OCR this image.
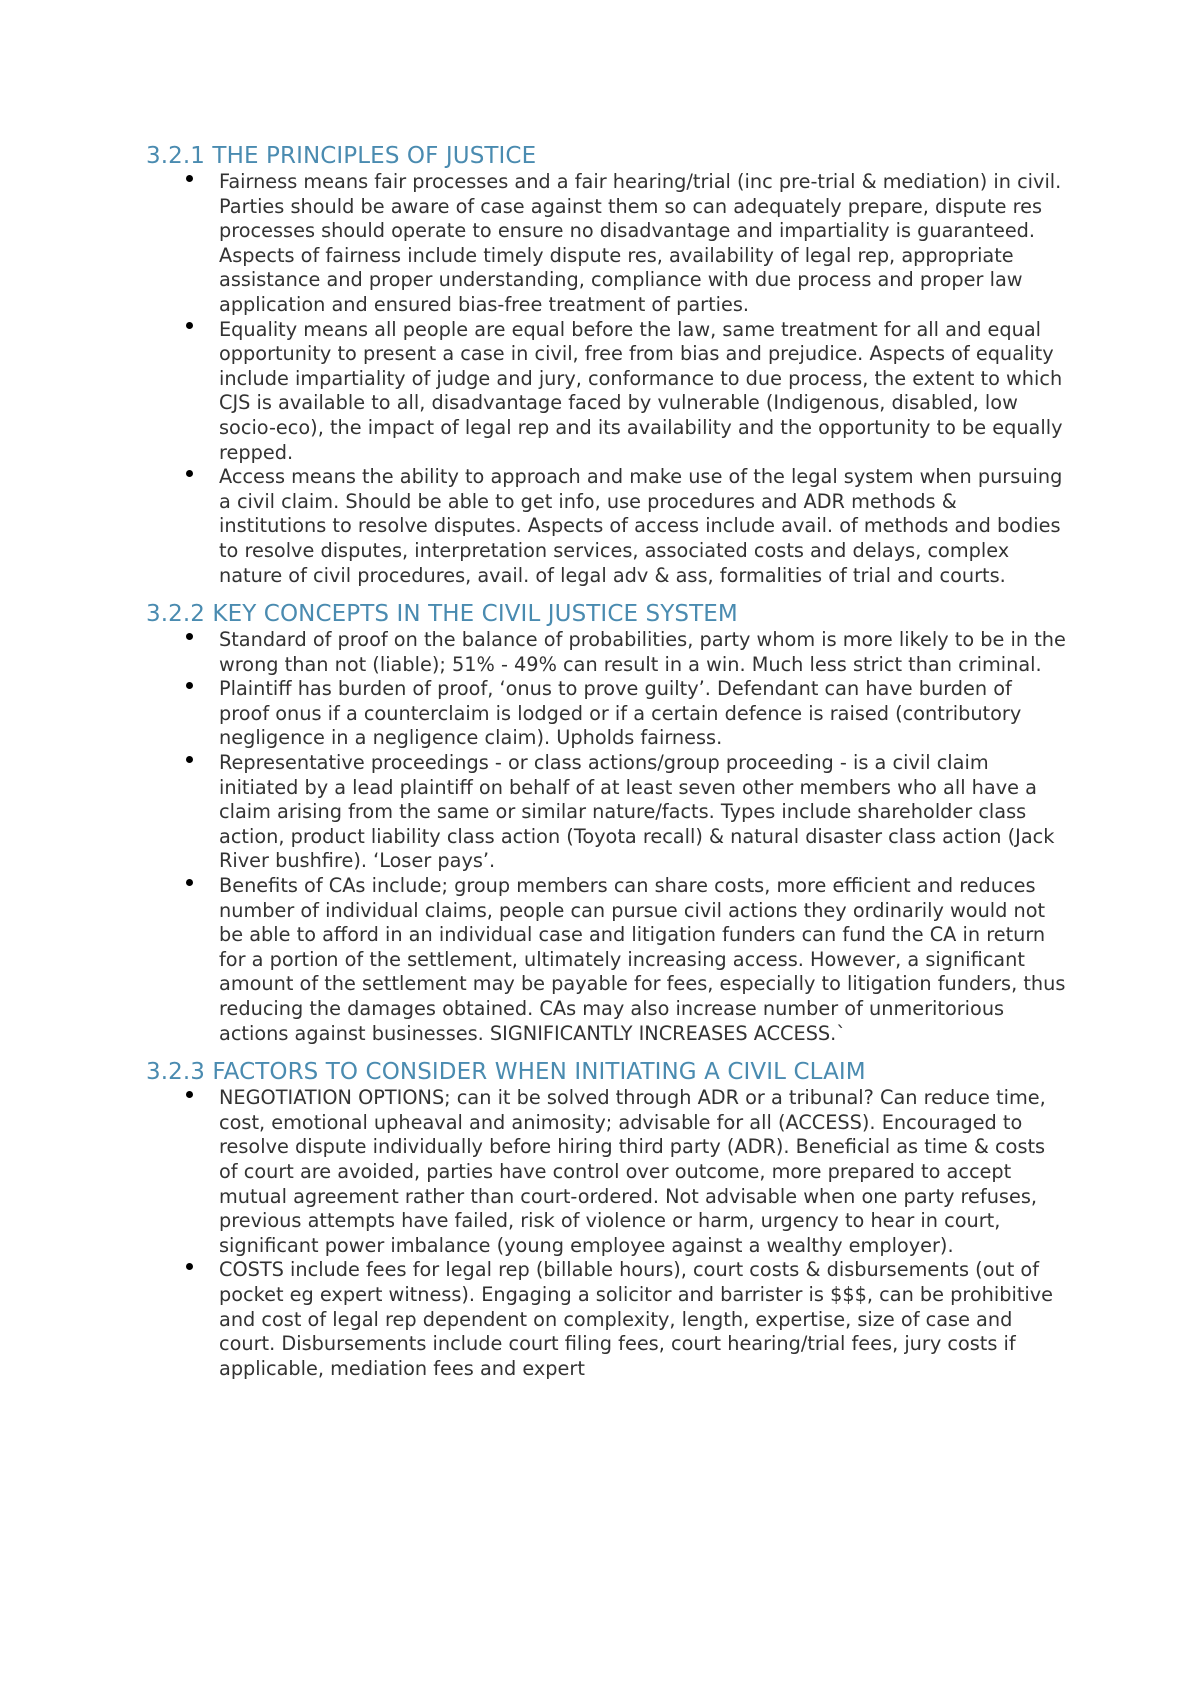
3.2.1 THE PRINCIPLES OF JUSTICE
Fairness means fair processes and a fair hearing/trial (inc pre-trial & mediation) in civil. Parties should be aware of case against them so can adequately prepare, dispute res processes should operate to ensure no disadvantage and impartiality is guaranteed. Aspects of fairness include timely dispute res, availability of legal rep, appropriate assistance and proper understanding, compliance with due process and proper law application and ensured bias-free treatment of parties.
Equality means all people are equal before the law, same treatment for all and equal opportunity to present a case in civil, free from bias and prejudice. Aspects of equality include impartiality of judge and jury, conformance to due process, the extent to which CJS is available to all, disadvantage faced by vulnerable (Indigenous, disabled, low socio-eco), the impact of legal rep and its availability and the opportunity to be equally repped.
Access means the ability to approach and make use of the legal system when pursuing a civil claim. Should be able to get info, use procedures and ADR methods & institutions to resolve disputes. Aspects of access include avail. of methods and bodies to resolve disputes, interpretation services, associated costs and delays, complex nature of civil procedures, avail. of legal adv & ass, formalities of trial and courts.
3.2.2 KEY CONCEPTS IN THE CIVIL JUSTICE SYSTEM
Standard of proof on the balance of probabilities, party whom is more likely to be in the wrong than not (liable); 51% - 49% can result in a win. Much less strict than criminal.
Plaintiff has burden of proof, ‘onus to prove guilty’. Defendant can have burden of proof onus if a counterclaim is lodged or if a certain defence is raised (contributory negligence in a negligence claim). Upholds fairness.
Representative proceedings - or class actions/group proceeding - is a civil claim initiated by a lead plaintiff on behalf of at least seven other members who all have a claim arising from the same or similar nature/facts. Types include shareholder class action, product liability class action (Toyota recall) & natural disaster class action (Jack River bushfire). ‘Loser pays’.
Benefits of CAs include; group members can share costs, more efficient and reduces number of individual claims, people can pursue civil actions they ordinarily would not be able to afford in an individual case and litigation funders can fund the CA in return for a portion of the settlement, ultimately increasing access. However, a significant amount of the settlement may be payable for fees, especially to litigation funders, thus reducing the damages obtained. CAs may also increase number of unmeritorious actions against businesses. SIGNIFICANTLY INCREASES ACCESS.`
3.2.3 FACTORS TO CONSIDER WHEN INITIATING A CIVIL CLAIM
NEGOTIATION OPTIONS; can it be solved through ADR or a tribunal? Can reduce time, cost, emotional upheaval and animosity; advisable for all (ACCESS). Encouraged to resolve dispute individually before hiring third party (ADR). Beneficial as time & costs of court are avoided, parties have control over outcome, more prepared to accept mutual agreement rather than court-ordered. Not advisable when one party refuses, previous attempts have failed, risk of violence or harm, urgency to hear in court, significant power imbalance (young employee against a wealthy employer).
COSTS include fees for legal rep (billable hours), court costs & disbursements (out of pocket eg expert witness). Engaging a solicitor and barrister is $$$, can be prohibitive and cost of legal rep dependent on complexity, length, expertise, size of case and court. Disbursements include court filing fees, court hearing/trial fees, jury costs if applicable, mediation fees and expert
